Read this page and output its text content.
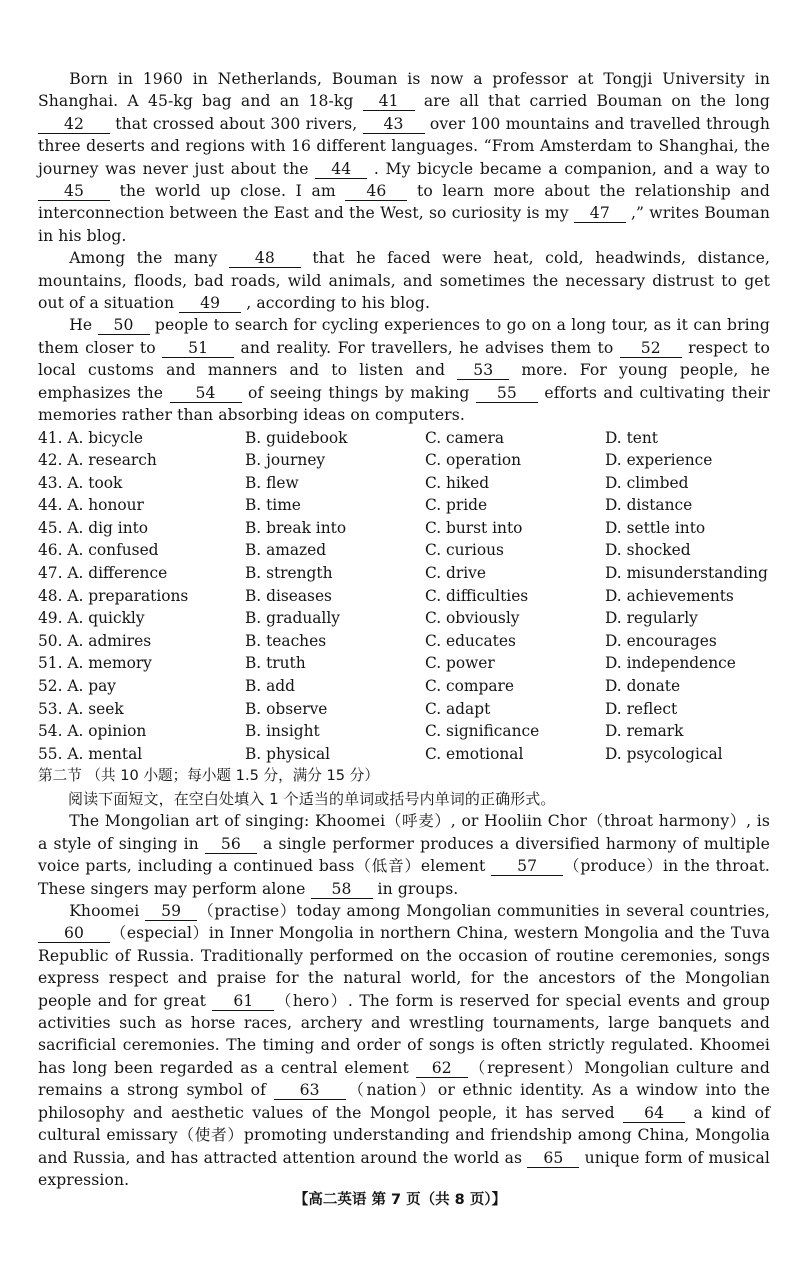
Born in 1960 in Netherlands, Bouman is now a professor at Tongji University in Shanghai. A 45-kg bag and an 18-kg 41 are all that carried Bouman on the long 42 that crossed about 300 rivers, 43 over 100 mountains and travelled through three deserts and regions with 16 different languages. “From Amsterdam to Shanghai, the journey was never just about the 44 . My bicycle became a companion, and a way to 45 the world up close. I am 46 to learn more about the relationship and interconnection between the East and the West, so curiosity is my 47 ,” writes Bouman in his blog.

Among the many 48 that he faced were heat, cold, headwinds, distance, mountains, floods, bad roads, wild animals, and sometimes the necessary distrust to get out of a situation 49 , according to his blog.

He 50 people to search for cycling experiences to go on a long tour, as it can bring them closer to 51 and reality. For travellers, he advises them to 52 respect to local customs and manners and to listen and 53 more. For young people, he emphasizes the 54 of seeing things by making 55 efforts and cultivating their memories rather than absorbing ideas on computers.

41. A. bicycle	B. guidebook	C. camera	D. tent
42. A. research	B. journey	C. operation	D. experience
43. A. took	B. flew	C. hiked	D. climbed
44. A. honour	B. time	C. pride	D. distance
45. A. dig into	B. break into	C. burst into	D. settle into
46. A. confused	B. amazed	C. curious	D. shocked
47. A. difference	B. strength	C. drive	D. misunderstanding
48. A. preparations	B. diseases	C. difficulties	D. achievements
49. A. quickly	B. gradually	C. obviously	D. regularly
50. A. admires	B. teaches	C. educates	D. encourages
51. A. memory	B. truth	C. power	D. independence
52. A. pay	B. add	C. compare	D. donate
53. A. seek	B. observe	C. adapt	D. reflect
54. A. opinion	B. insight	C. significance	D. remark
55. A. mental	B. physical	C. emotional	D. psycological

第二节 （共 10 小题；每小题 1.5 分，满分 15 分）

阅读下面短文，在空白处填入 1 个适当的单词或括号内单词的正确形式。

The Mongolian art of singing: Khoomei（呼麦）, or Hooliin Chor（throat harmony）, is a style of singing in 56 a single performer produces a diversified harmony of multiple voice parts, including a continued bass（低音）element 57 （produce）in the throat. These singers may perform alone 58 in groups.

Khoomei 59 （practise）today among Mongolian communities in several countries, 60 （especial）in Inner Mongolia in northern China, western Mongolia and the Tuva Republic of Russia. Traditionally performed on the occasion of routine ceremonies, songs express respect and praise for the natural world, for the ancestors of the Mongolian people and for great 61 （hero）. The form is reserved for special events and group activities such as horse races, archery and wrestling tournaments, large banquets and sacrificial ceremonies. The timing and order of songs is often strictly regulated. Khoomei has long been regarded as a central element 62 （represent）Mongolian culture and remains a strong symbol of 63 （nation）or ethnic identity. As a window into the philosophy and aesthetic values of the Mongol people, it has served 64 a kind of cultural emissary（使者）promoting understanding and friendship among China, Mongolia and Russia, and has attracted attention around the world as 65 unique form of musical expression.

【高二英语 第 7 页（共 8 页）】
